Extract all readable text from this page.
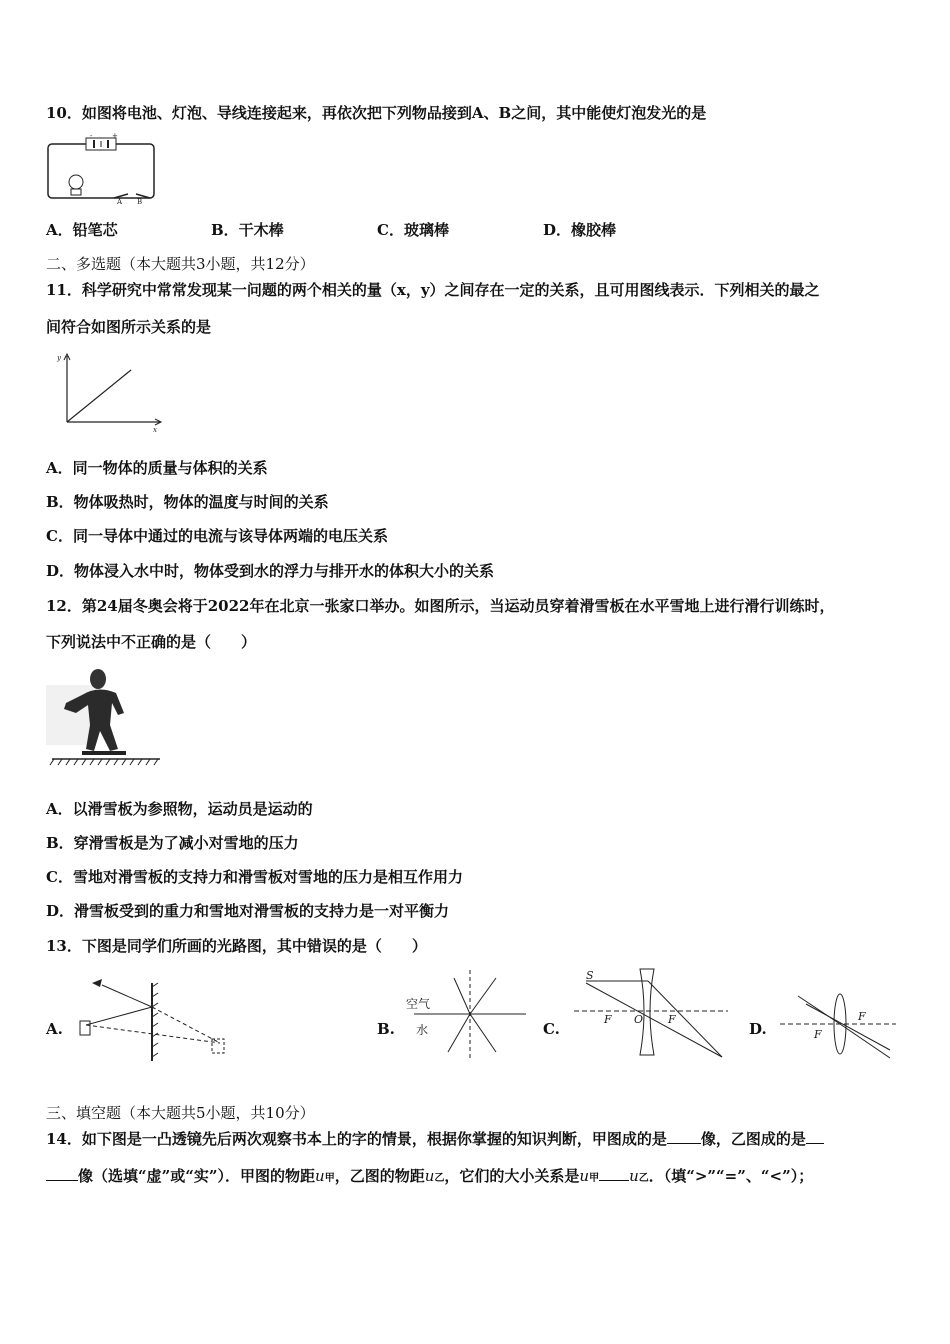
10．如图将电池、灯泡、导线连接起来，再依次把下列物品接到A、B之间，其中能使灯泡发光的是
-	+
A B
A．铅笔芯	B．干木棒	C．玻璃棒	D．橡胶棒
二、多选题（本大题共3小题，共12分）
11．科学研究中常常发现某一问题的两个相关的量（x，y）之间存在一定的关系，且可用图线表示．下列相关的最之
间符合如图所示关系的是
y
x
A．同一物体的质量与体积的关系
B．物体吸热时，物体的温度与时间的关系
C．同一导体中通过的电流与该导体两端的电压关系
D．物体浸入水中时，物体受到水的浮力与排开水的体积大小的关系
12．第24届冬奥会将于2022年在北京一张家口举办。如图所示，当运动员穿着滑雪板在水平雪地上进行滑行训练时，
下列说法中不正确的是（　　）
A．以滑雪板为参照物，运动员是运动的
B．穿滑雪板是为了减小对雪地的压力
C．雪地对滑雪板的支持力和滑雪板对雪地的压力是相互作用力
D．滑雪板受到的重力和雪地对滑雪板的支持力是一对平衡力
13．下图是同学们所画的光路图，其中错误的是（　　）
A.	B.
空气
水	C.
S
F O F
D.	F
F
三、填空题（本大题共5小题，共10分）
14．如下图是一凸透镜先后两次观察书本上的字的情景，根据你掌握的知识判断，甲图成的是 像，乙图成的是
像（选填“虚”或“实”）．甲图的物距u甲，乙图的物距u乙，它们的大小关系是u甲 u乙．（填“>”“=”、“<”）；
